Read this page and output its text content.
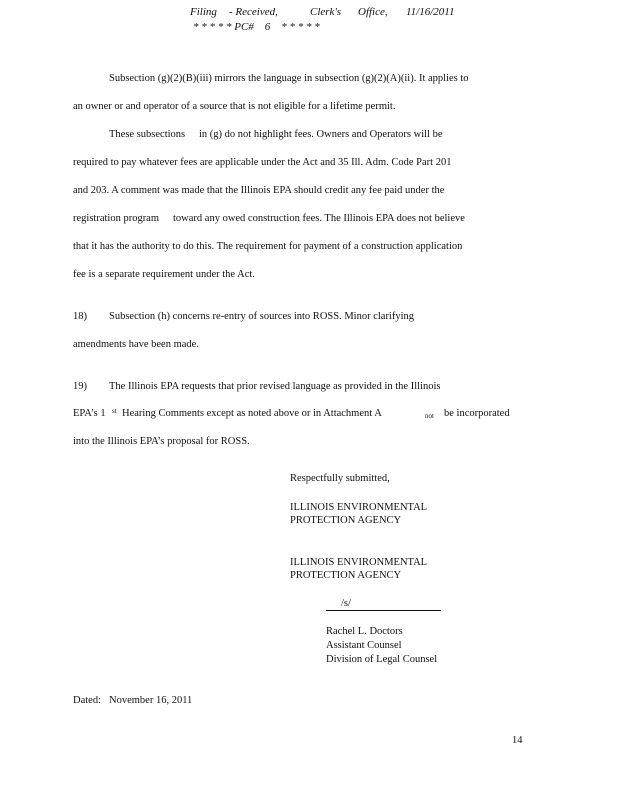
Filing - Received,	Clerk's Office, 11/16/2011
* * * * * PC#    6    * * * * *
Subsection (g)(2)(B)(iii) mirrors the language in subsection (g)(2)(A)(ii). It applies to
an owner or and operator of a source that is not eligible for a lifetime permit.
These subsections in (g) do not highlight fees. Owners and Operators will be
required to pay whatever fees are applicable under the Act and 35 Ill. Adm. Code Part 201
and 203. A comment was made that the Illinois EPA should credit any fee paid under the
registration program toward any owed construction fees. The Illinois EPA does not believe
that it has the authority to do this. The requirement for payment of a construction application
fee is a separate requirement under the Act.
18) Subsection (h) concerns re-entry of sources into ROSS. Minor clarifying
amendments have been made.
19) The Illinois EPA requests that prior revised language as provided in the Illinois
EPA’s 1 st Hearing Comments except as noted above or in Attachment A	not be incorporated
into the Illinois EPA’s proposal for ROSS.
Respectfully submitted,
ILLINOIS ENVIRONMENTAL
PROTECTION AGENCY
ILLINOIS ENVIRONMENTAL
PROTECTION AGENCY
/s/
Rachel L. Doctors
Assistant Counsel
Division of Legal Counsel
Dated: November 16, 2011
14
